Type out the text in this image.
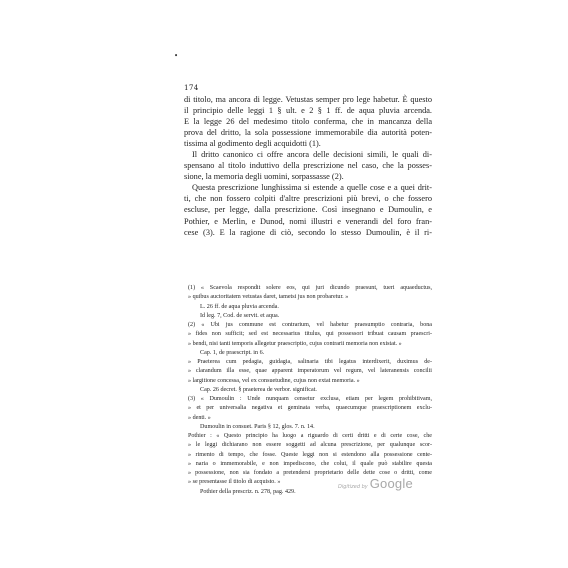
•
174
di titolo, ma ancora di legge. Vetustas semper pro lege habetur. È questo
il principio delle leggi 1 § ult. e 2 § 1 ff. de aqua pluvia arcenda.
E la legge 26 del medesimo titolo conferma, che in mancanza della
prova del dritto, la sola possessione immemorabile dia autorità poten-
tissima al godimento degli acquidotti (1).
Il dritto canonico ci offre ancora delle decisioni simili, le quali di-
spensano al titolo induttivo della prescrizione nel caso, che la posses-
sione, la memoria degli uomini, sorpassasse (2).
Questa prescrizione lunghissima si estende a quelle cose e a quei drit-
ti, che non fossero colpiti d'altre prescrizioni più brevi, o che fossero
escluse, per legge, dalla prescrizione. Così insegnano e Dumoulin, e
Pothier, e Merlin, e Dunod, nomi illustri e venerandi del foro fran-
cese (3). E la ragione di ciò, secondo lo stesso Dumoulin, è il ri-
(1) « Scaevola respondit solere eos, qui juri dicundo praesunt, tueri aquaeductus,
» quibus auctoritatem vetustas daret, tametsi jus non probaretur. »
L. 26 ff. de aqua pluvia arcenda.
Id leg. 7, Cod. de servit. et aqua.
(2) « Ubi jus commune est contrarium, vel habetur praesumptio contraria, bona
» fides non sufficit; sed est necessarius titulus, qui possessori tribuat causam praescri-
» bendi, nisi tanti temporis allegetur praescriptio, cujus contrarii memoria non existat. »
Cap. 1, de praescript. in 6.
» Praeterea cum pedagia, guidagia, salinaria tibi legatus interdixerit, duximus de-
» clarandum illa esse, quae apparent imperatorum vel regum, vel lateranensis concilii
» largitione concessa, vel ex consuetudine, cujus non extat memoria. »
Cap. 26 decret. § praeterea de verbor. significat.
(3) « Dumoulin : Unde nunquam censetur exclusa, etiam per legem prohibitivam,
» et per universalia negativa et geminata verba, quaecumque praescriptionem exclu-
» denti. »
Dumoulin in consuet. Paris § 12, glos. 7. n. 14.
Pothier : « Questo principio ha luogo a riguardo di certi dritti e di certe cose, che
» le leggi dichiarano non essere soggetti ad alcuna prescrizione, per qualunque scor-
» rimento di tempo, che fosse. Queste leggi non si estendono alla possessione cente-
» naria o immemorabile, e non impediscono, che colui, il quale può stabilire questa
» possessione, non sia fondato a pretendersi proprietario delle dette cose o dritti, come
» se presentasse il titolo di acquisto. »
Pothier della prescriz. n. 278, pag. 429.
Digitized by Google
